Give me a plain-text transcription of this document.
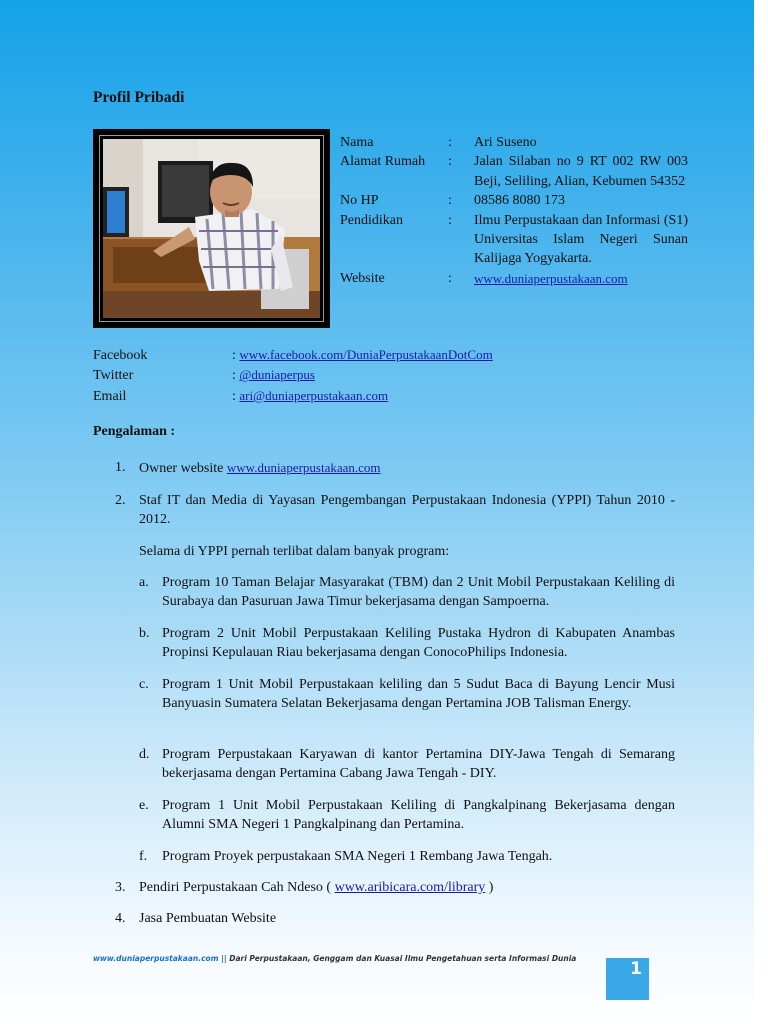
Profil Pribadi
Nama	:	Ari Suseno
Alamat Rumah	:	Jalan Silaban no 9 RT 002 RW 003 Beji, Seliling, Alian, Kebumen 54352
No HP	:	08586 8080 173
Pendidikan	:	Ilmu Perpustakaan dan Informasi (S1) Universitas Islam Negeri Sunan Kalijaga Yogyakarta.
Website	:	www.duniaperpustakaan.com
Facebook	: www.facebook.com/DuniaPerpustakaanDotCom
Twitter	: @duniaperpus
Email	: ari@duniaperpustakaan.com
Pengalaman :
1. Owner website www.duniaperpustakaan.com
2. Staf IT dan Media di Yayasan Pengembangan Perpustakaan Indonesia (YPPI) Tahun 2010 - 2012.
Selama di YPPI pernah terlibat dalam banyak program:
a. Program 10 Taman Belajar Masyarakat (TBM) dan 2 Unit Mobil Perpustakaan Keliling di Surabaya dan Pasuruan Jawa Timur bekerjasama dengan Sampoerna.
b. Program 2 Unit Mobil Perpustakaan Keliling Pustaka Hydron di Kabupaten Anambas Propinsi Kepulauan Riau bekerjasama dengan ConocoPhilips Indonesia.
c. Program 1 Unit Mobil Perpustakaan keliling dan 5 Sudut Baca di Bayung Lencir Musi Banyuasin Sumatera Selatan Bekerjasama dengan Pertamina JOB Talisman Energy.
d. Program Perpustakaan Karyawan di kantor Pertamina DIY-Jawa Tengah di Semarang bekerjasama dengan Pertamina Cabang Jawa Tengah - DIY.
e. Program 1 Unit Mobil Perpustakaan Keliling di Pangkalpinang Bekerjasama dengan Alumni SMA Negeri 1 Pangkalpinang dan Pertamina.
f. Program Proyek perpustakaan SMA Negeri 1 Rembang Jawa Tengah.
3. Pendiri Perpustakaan Cah Ndeso ( www.aribicara.com/library )
4. Jasa Pembuatan Website
www.duniaperpustakaan.com || Dari Perpustakaan, Genggam dan Kuasai Ilmu Pengetahuan serta Informasi Dunia
1
